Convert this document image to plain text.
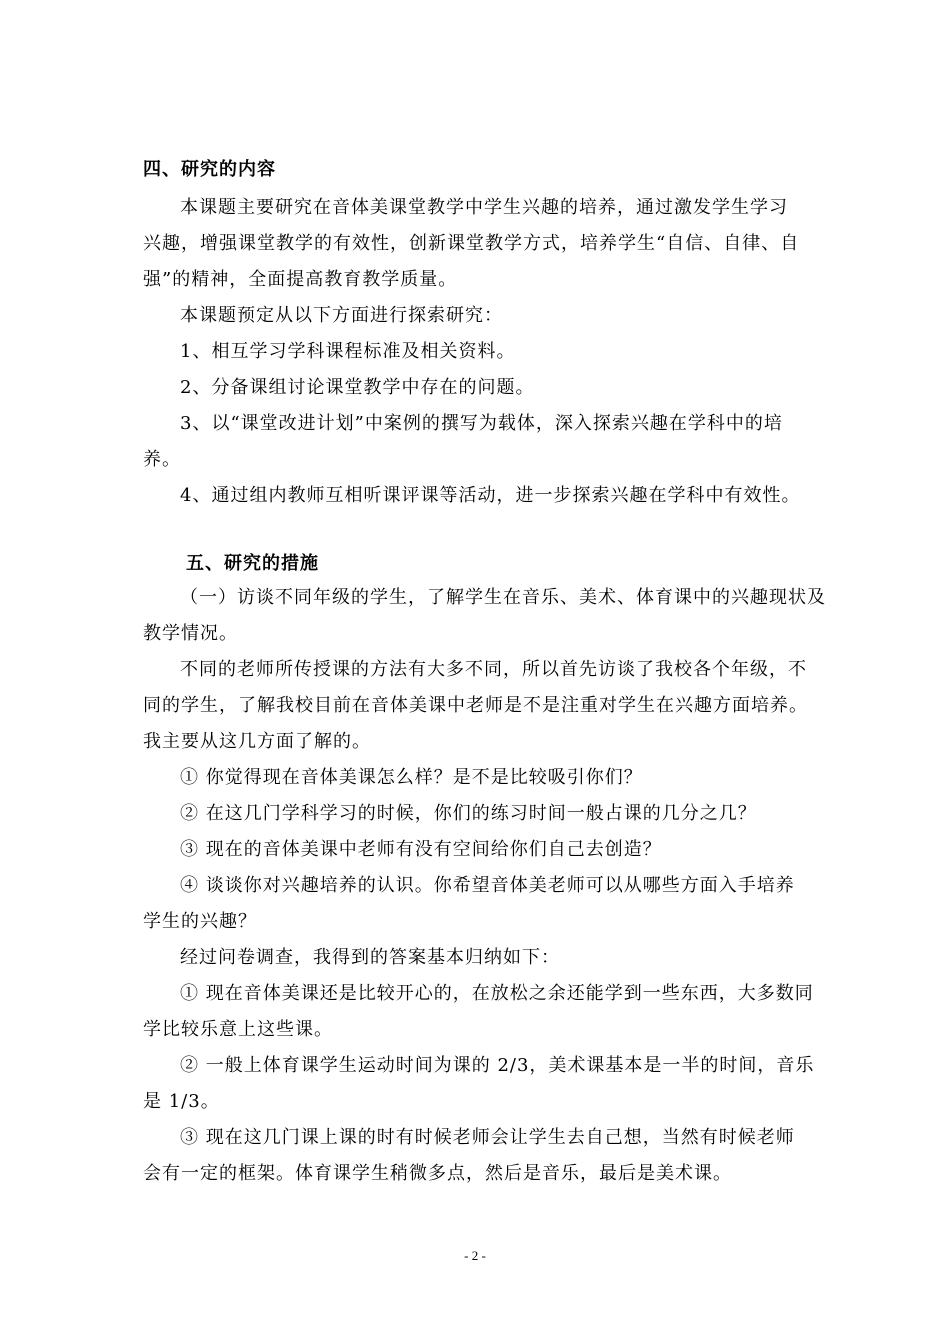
四、研究的内容
本课题主要研究在音体美课堂教学中学生兴趣的培养，通过激发学生学习
兴趣，增强课堂教学的有效性，创新课堂教学方式，培养学生“自信、自律、自
强”的精神，全面提高教育教学质量。
本课题预定从以下方面进行探索研究：
1、相互学习学科课程标准及相关资料。
2、分备课组讨论课堂教学中存在的问题。
3、以“课堂改进计划”中案例的撰写为载体，深入探索兴趣在学科中的培
养。
4、通过组内教师互相听课评课等活动，进一步探索兴趣在学科中有效性。
五、研究的措施
（一）访谈不同年级的学生，了解学生在音乐、美术、体育课中的兴趣现状及
教学情况。
不同的老师所传授课的方法有大多不同，所以首先访谈了我校各个年级，不
同的学生，了解我校目前在音体美课中老师是不是注重对学生在兴趣方面培养。
我主要从这几方面了解的。
① 你觉得现在音体美课怎么样？是不是比较吸引你们？
② 在这几门学科学习的时候，你们的练习时间一般占课的几分之几？
③ 现在的音体美课中老师有没有空间给你们自己去创造？
④ 谈谈你对兴趣培养的认识。你希望音体美老师可以从哪些方面入手培养
学生的兴趣？
经过问卷调查，我得到的答案基本归纳如下：
① 现在音体美课还是比较开心的，在放松之余还能学到一些东西，大多数同
学比较乐意上这些课。
② 一般上体育课学生运动时间为课的 2/3，美术课基本是一半的时间，音乐
是 1/3。
③ 现在这几门课上课的时有时候老师会让学生去自己想，当然有时候老师
会有一定的框架。体育课学生稍微多点，然后是音乐，最后是美术课。
- 2 -
